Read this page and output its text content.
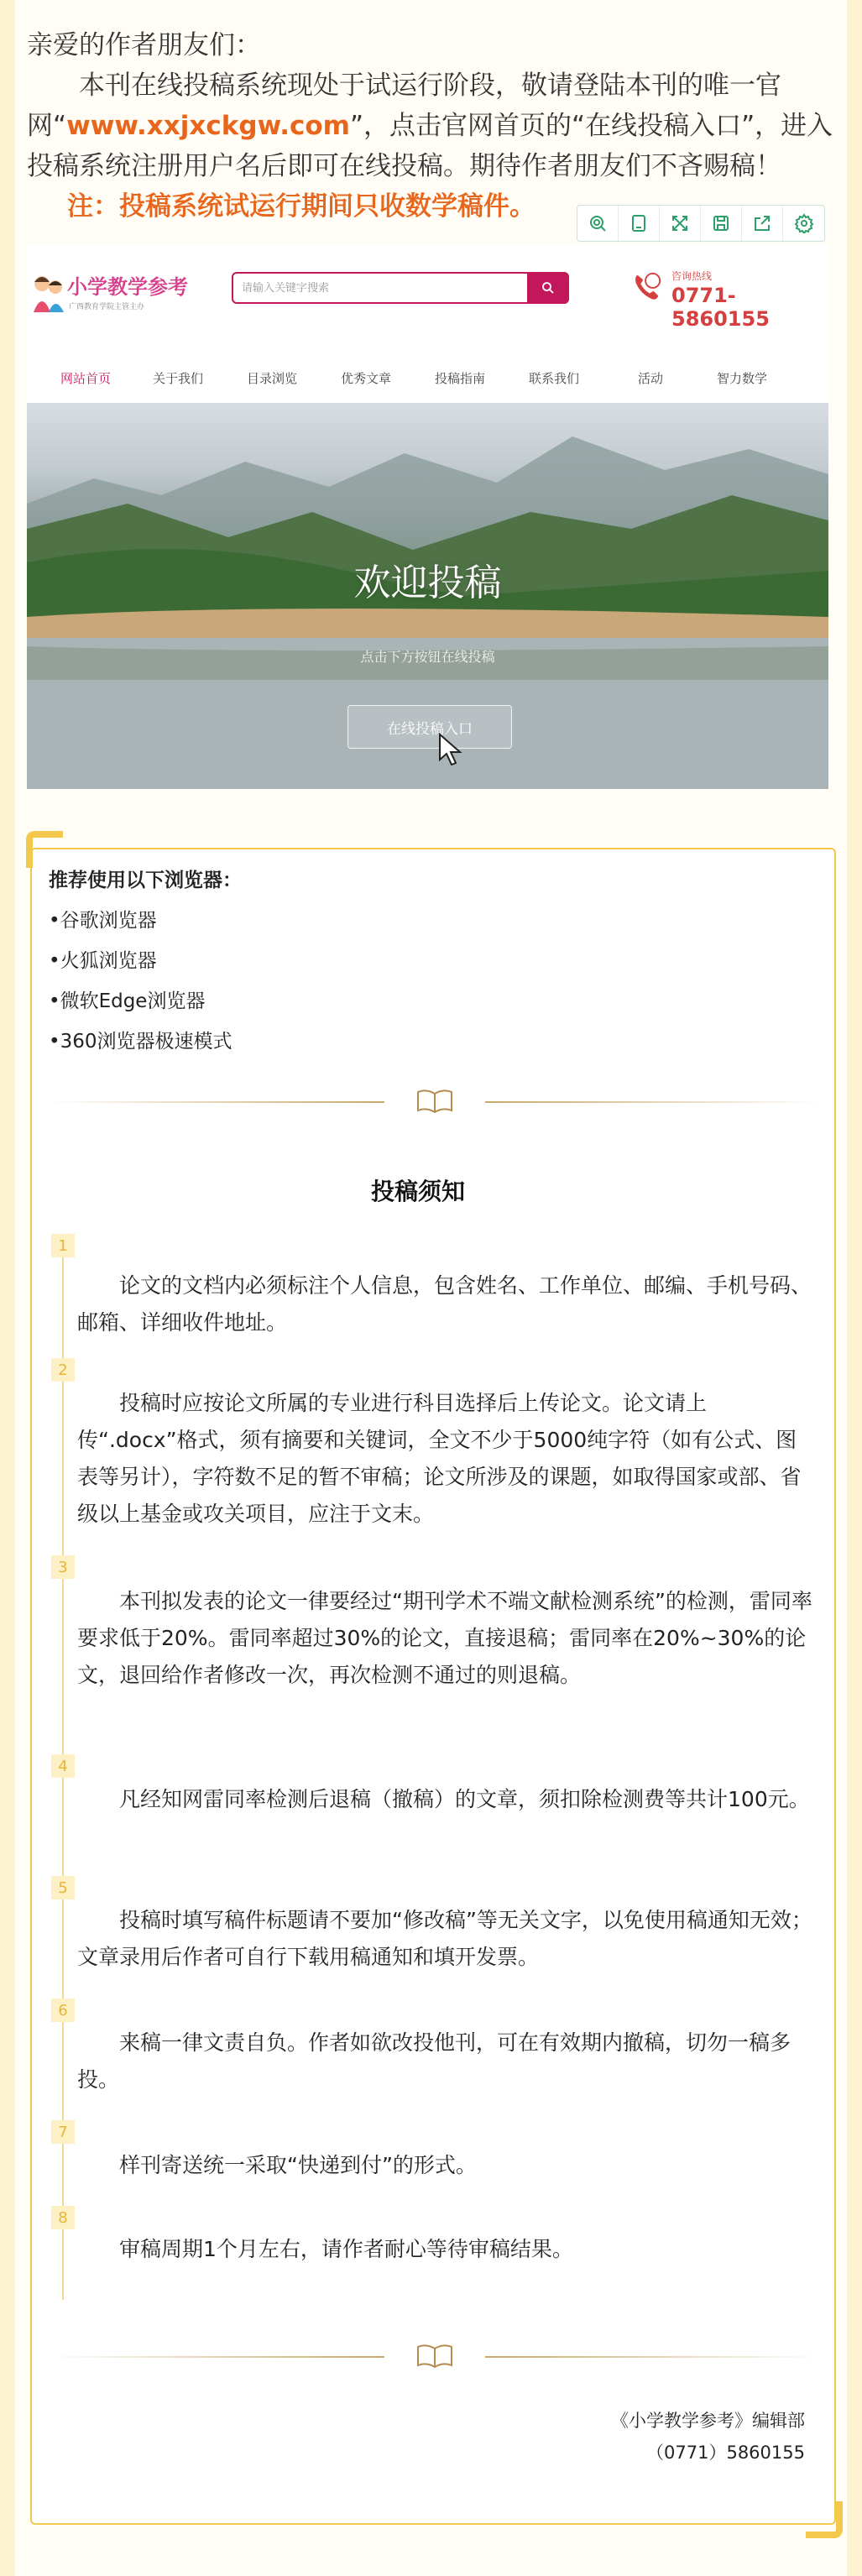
亲爱的作者朋友们：

本刊在线投稿系统现处于试运行阶段，敬请登陆本刊的唯一官网“www.xxjxckgw.com”，点击官网首页的“在线投稿入口”，进入投稿系统注册用户名后即可在线投稿。期待作者朋友们不吝赐稿！

注：投稿系统试运行期间只收数学稿件。

小学教学参考
广西教育学院主管主办
请输入关键字搜索
咨询热线
0771-5860155
网站首页	关于我们	目录浏览	优秀文章	投稿指南	联系我们	活动	智力数学
欢迎投稿
点击下方按钮在线投稿
在线投稿入口
推荐使用以下浏览器：
•谷歌浏览器
•火狐浏览器
•微软Edge浏览器
•360浏览器极速模式
投稿须知
1
论文的文档内必须标注个人信息，包含姓名、工作单位、邮编、手机号码、邮箱、详细收件地址。
2
投稿时应按论文所属的专业进行科目选择后上传论文。论文请上传“.docx”格式，须有摘要和关键词，全文不少于5000纯字符（如有公式、图表等另计），字符数不足的暂不审稿；论文所涉及的课题，如取得国家或部、省级以上基金或攻关项目，应注于文末。
3
本刊拟发表的论文一律要经过“期刊学术不端文献检测系统”的检测，雷同率要求低于20%。雷同率超过30%的论文，直接退稿；雷同率在20%~30%的论文，退回给作者修改一次，再次检测不通过的则退稿。
4
凡经知网雷同率检测后退稿（撤稿）的文章，须扣除检测费等共计100元。
5
投稿时填写稿件标题请不要加“修改稿”等无关文字，以免使用稿通知无效；文章录用后作者可自行下载用稿通知和填开发票。
6
来稿一律文责自负。作者如欲改投他刊，可在有效期内撤稿，切勿一稿多投。
7
样刊寄送统一采取“快递到付”的形式。
8
审稿周期1个月左右，请作者耐心等待审稿结果。
《小学教学参考》编辑部
（0771）5860155
